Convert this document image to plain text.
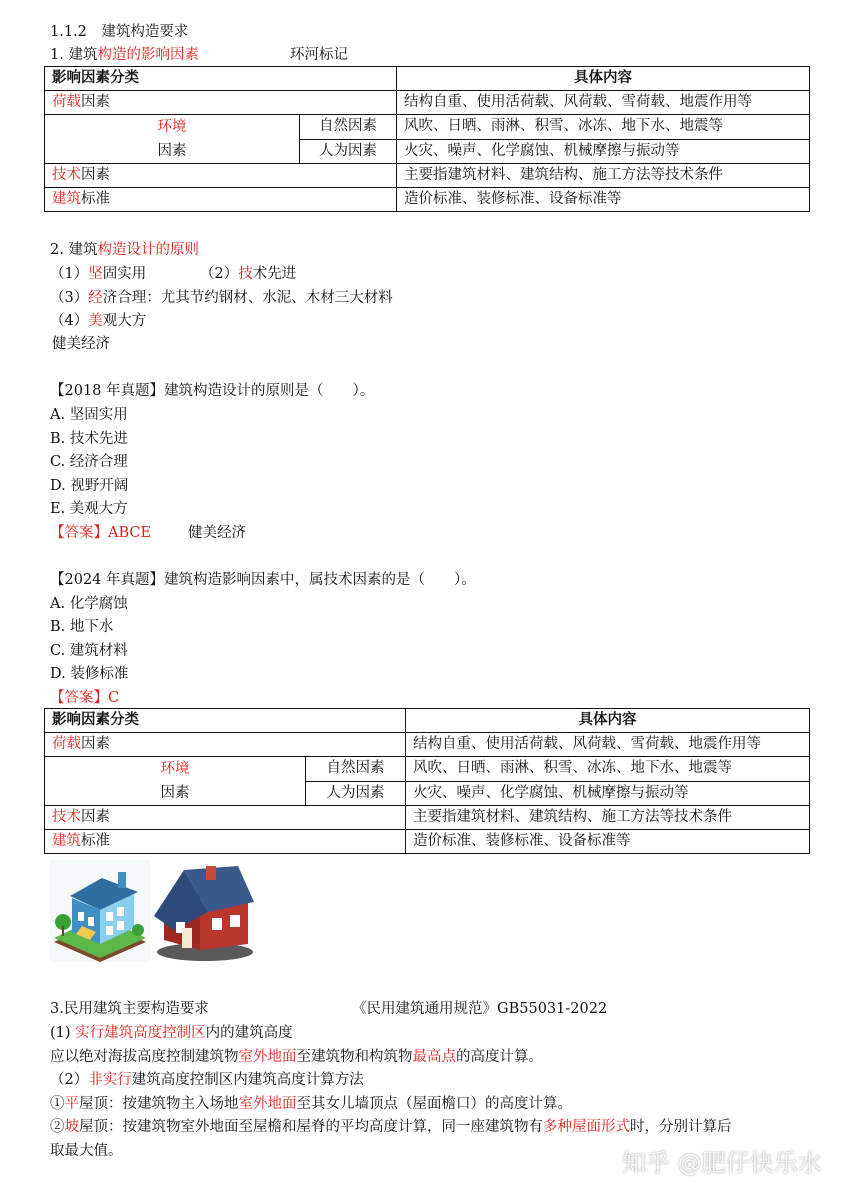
1.1.2　建筑构造要求
1. 建筑构造的影响因素	环河标记
影响因素分类		具体内容
荷载因素		结构自重、使用活荷载、风荷载、雪荷载、地震作用等
环境
因素	自然因素	风吹、日晒、雨淋、积雪、冰冻、地下水、地震等
	人为因素	火灾、噪声、化学腐蚀、机械摩擦与振动等
技术因素		主要指建筑材料、建筑结构、施工方法等技术条件
建筑标准		造价标准、装修标准、设备标准等
2. 建筑构造设计的原则
（1）坚固实用	（2）技术先进
（3）经济合理：尤其节约钢材、水泥、木材三大材料
（4）美观大方
健美经济
【2018 年真题】建筑构造设计的原则是（　　）。
A. 坚固实用
B. 技术先进
C. 经济合理
D. 视野开阔
E. 美观大方
【答案】ABCE	健美经济
【2024 年真题】建筑构造影响因素中，属技术因素的是（　　）。
A. 化学腐蚀
B. 地下水
C. 建筑材料
D. 装修标准
【答案】C
影响因素分类		具体内容
荷载因素		结构自重、使用活荷载、风荷载、雪荷载、地震作用等
环境
因素	自然因素	风吹、日晒、雨淋、积雪、冰冻、地下水、地震等
	人为因素	火灾、噪声、化学腐蚀、机械摩擦与振动等
技术因素		主要指建筑材料、建筑结构、施工方法等技术条件
建筑标准		造价标准、装修标准、设备标准等
3.民用建筑主要构造要求	《民用建筑通用规范》GB55031-2022
(1) 实行建筑高度控制区内的建筑高度
应以绝对海拔高度控制建筑物室外地面至建筑物和构筑物最高点的高度计算。
（2）非实行建筑高度控制区内建筑高度计算方法
①平屋顶：按建筑物主入场地室外地面至其女儿墙顶点（屋面檐口）的高度计算。
②坡屋顶：按建筑物室外地面至屋檐和屋脊的平均高度计算，同一座建筑物有多种屋面形式时，分别计算后
取最大值。	知乎 @肥仔快乐水
